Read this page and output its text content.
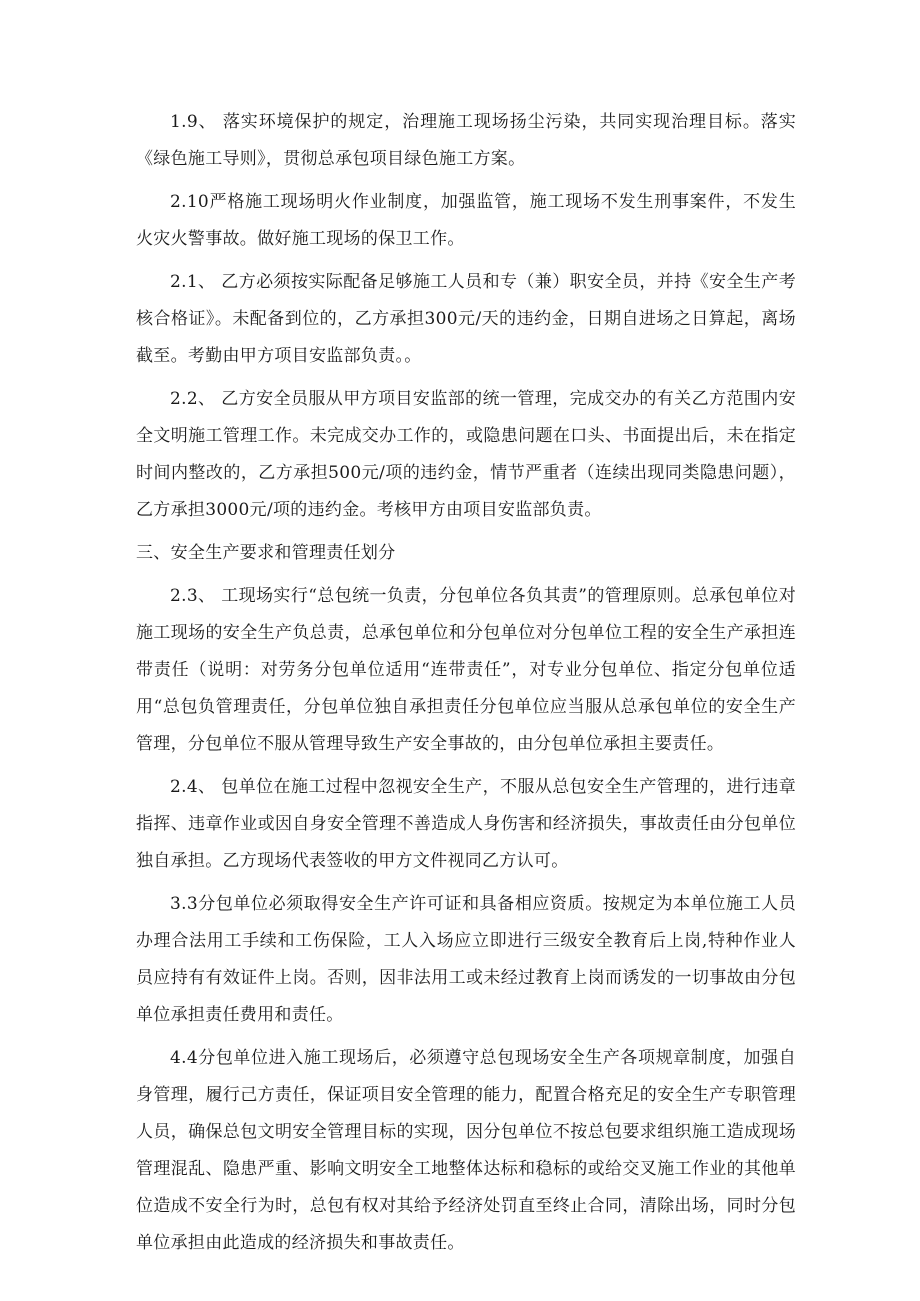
1.9、 落实环境保护的规定，治理施工现场扬尘污染，共同实现治理目标。落实《绿色施工导则》，贯彻总承包项目绿色施工方案。

2.10严格施工现场明火作业制度，加强监管，施工现场不发生刑事案件，不发生火灾火警事故。做好施工现场的保卫工作。

2.1、 乙方必须按实际配备足够施工人员和专（兼）职安全员，并持《安全生产考核合格证》。未配备到位的，乙方承担300元/天的违约金，日期自进场之日算起，离场截至。考勤由甲方项目安监部负责。。

2.2、 乙方安全员服从甲方项目安监部的统一管理，完成交办的有关乙方范围内安全文明施工管理工作。未完成交办工作的，或隐患问题在口头、书面提出后，未在指定时间内整改的，乙方承担500元/项的违约金，情节严重者（连续出现同类隐患问题），乙方承担3000元/项的违约金。考核甲方由项目安监部负责。

三、安全生产要求和管理责任划分

2.3、 工现场实行“总包统一负责，分包单位各负其责”的管理原则。总承包单位对施工现场的安全生产负总责，总承包单位和分包单位对分包单位工程的安全生产承担连带责任（说明：对劳务分包单位适用“连带责任”，对专业分包单位、指定分包单位适用“总包负管理责任，分包单位独自承担责任分包单位应当服从总承包单位的安全生产管理，分包单位不服从管理导致生产安全事故的，由分包单位承担主要责任。

2.4、 包单位在施工过程中忽视安全生产，不服从总包安全生产管理的，进行违章指挥、违章作业或因自身安全管理不善造成人身伤害和经济损失，事故责任由分包单位独自承担。乙方现场代表签收的甲方文件视同乙方认可。

3.3分包单位必须取得安全生产许可证和具备相应资质。按规定为本单位施工人员办理合法用工手续和工伤保险，工人入场应立即进行三级安全教育后上岗,特种作业人员应持有有效证件上岗。否则，因非法用工或未经过教育上岗而诱发的一切事故由分包单位承担责任费用和责任。

4.4分包单位进入施工现场后，必须遵守总包现场安全生产各项规章制度，加强自身管理，履行己方责任，保证项目安全管理的能力，配置合格充足的安全生产专职管理人员，确保总包文明安全管理目标的实现，因分包单位不按总包要求组织施工造成现场管理混乱、隐患严重、影响文明安全工地整体达标和稳标的或给交叉施工作业的其他单位造成不安全行为时，总包有权对其给予经济处罚直至终止合同，清除出场，同时分包单位承担由此造成的经济损失和事故责任。
